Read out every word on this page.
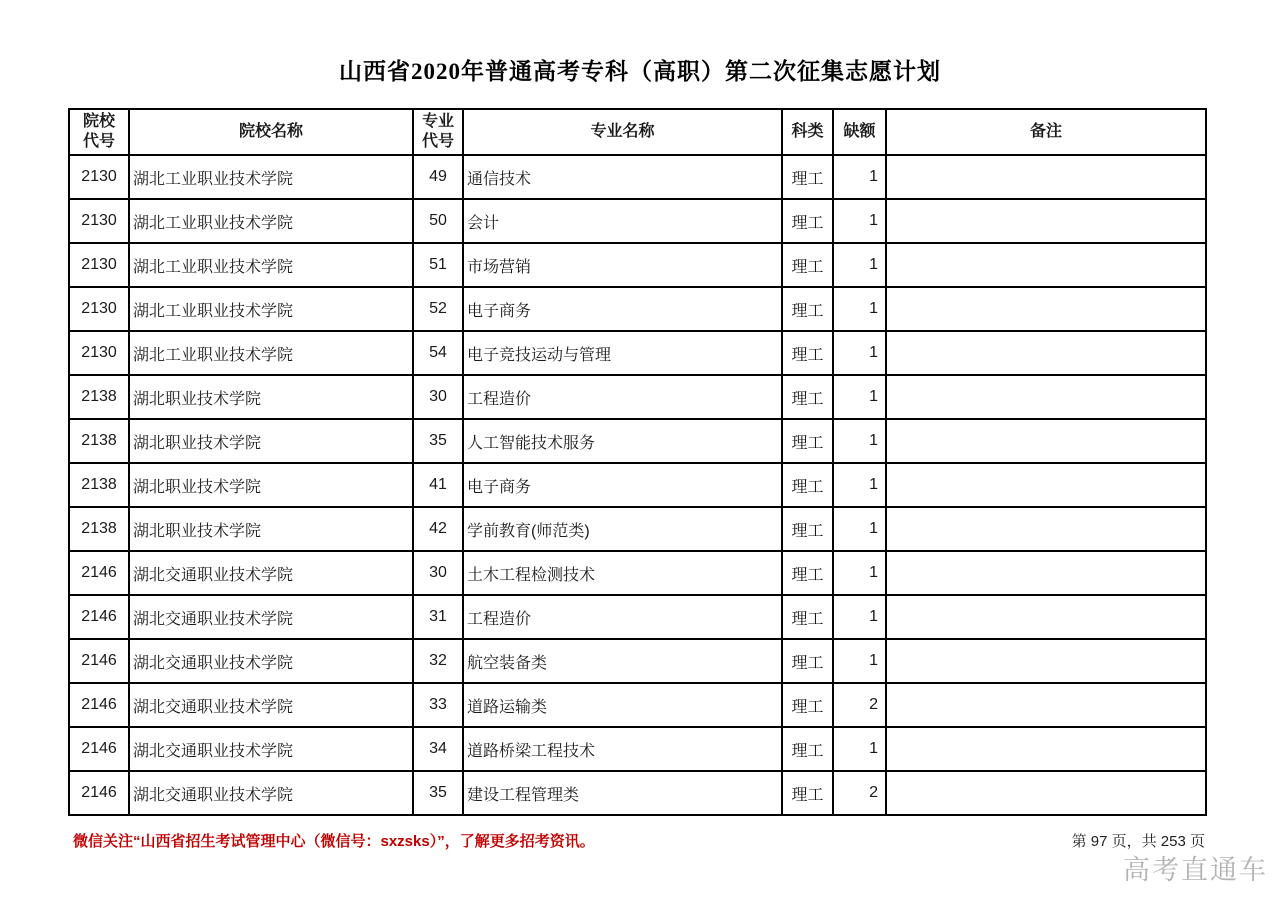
山西省2020年普通高考专科（高职）第二次征集志愿计划
院校代号	院校名称	专业代号	专业名称	科类	缺额	备注
2130	湖北工业职业技术学院	49	通信技术	理工	1	
2130	湖北工业职业技术学院	50	会计	理工	1	
2130	湖北工业职业技术学院	51	市场营销	理工	1	
2130	湖北工业职业技术学院	52	电子商务	理工	1	
2130	湖北工业职业技术学院	54	电子竞技运动与管理	理工	1	
2138	湖北职业技术学院	30	工程造价	理工	1	
2138	湖北职业技术学院	35	人工智能技术服务	理工	1	
2138	湖北职业技术学院	41	电子商务	理工	1	
2138	湖北职业技术学院	42	学前教育(师范类)	理工	1	
2146	湖北交通职业技术学院	30	土木工程检测技术	理工	1	
2146	湖北交通职业技术学院	31	工程造价	理工	1	
2146	湖北交通职业技术学院	32	航空装备类	理工	1	
2146	湖北交通职业技术学院	33	道路运输类	理工	2	
2146	湖北交通职业技术学院	34	道路桥梁工程技术	理工	1	
2146	湖北交通职业技术学院	35	建设工程管理类	理工	2	
微信关注“山西省招生考试管理中心（微信号：sxzsks）”，了解更多招考资讯。	第 97 页，共 253 页
高考直通车
